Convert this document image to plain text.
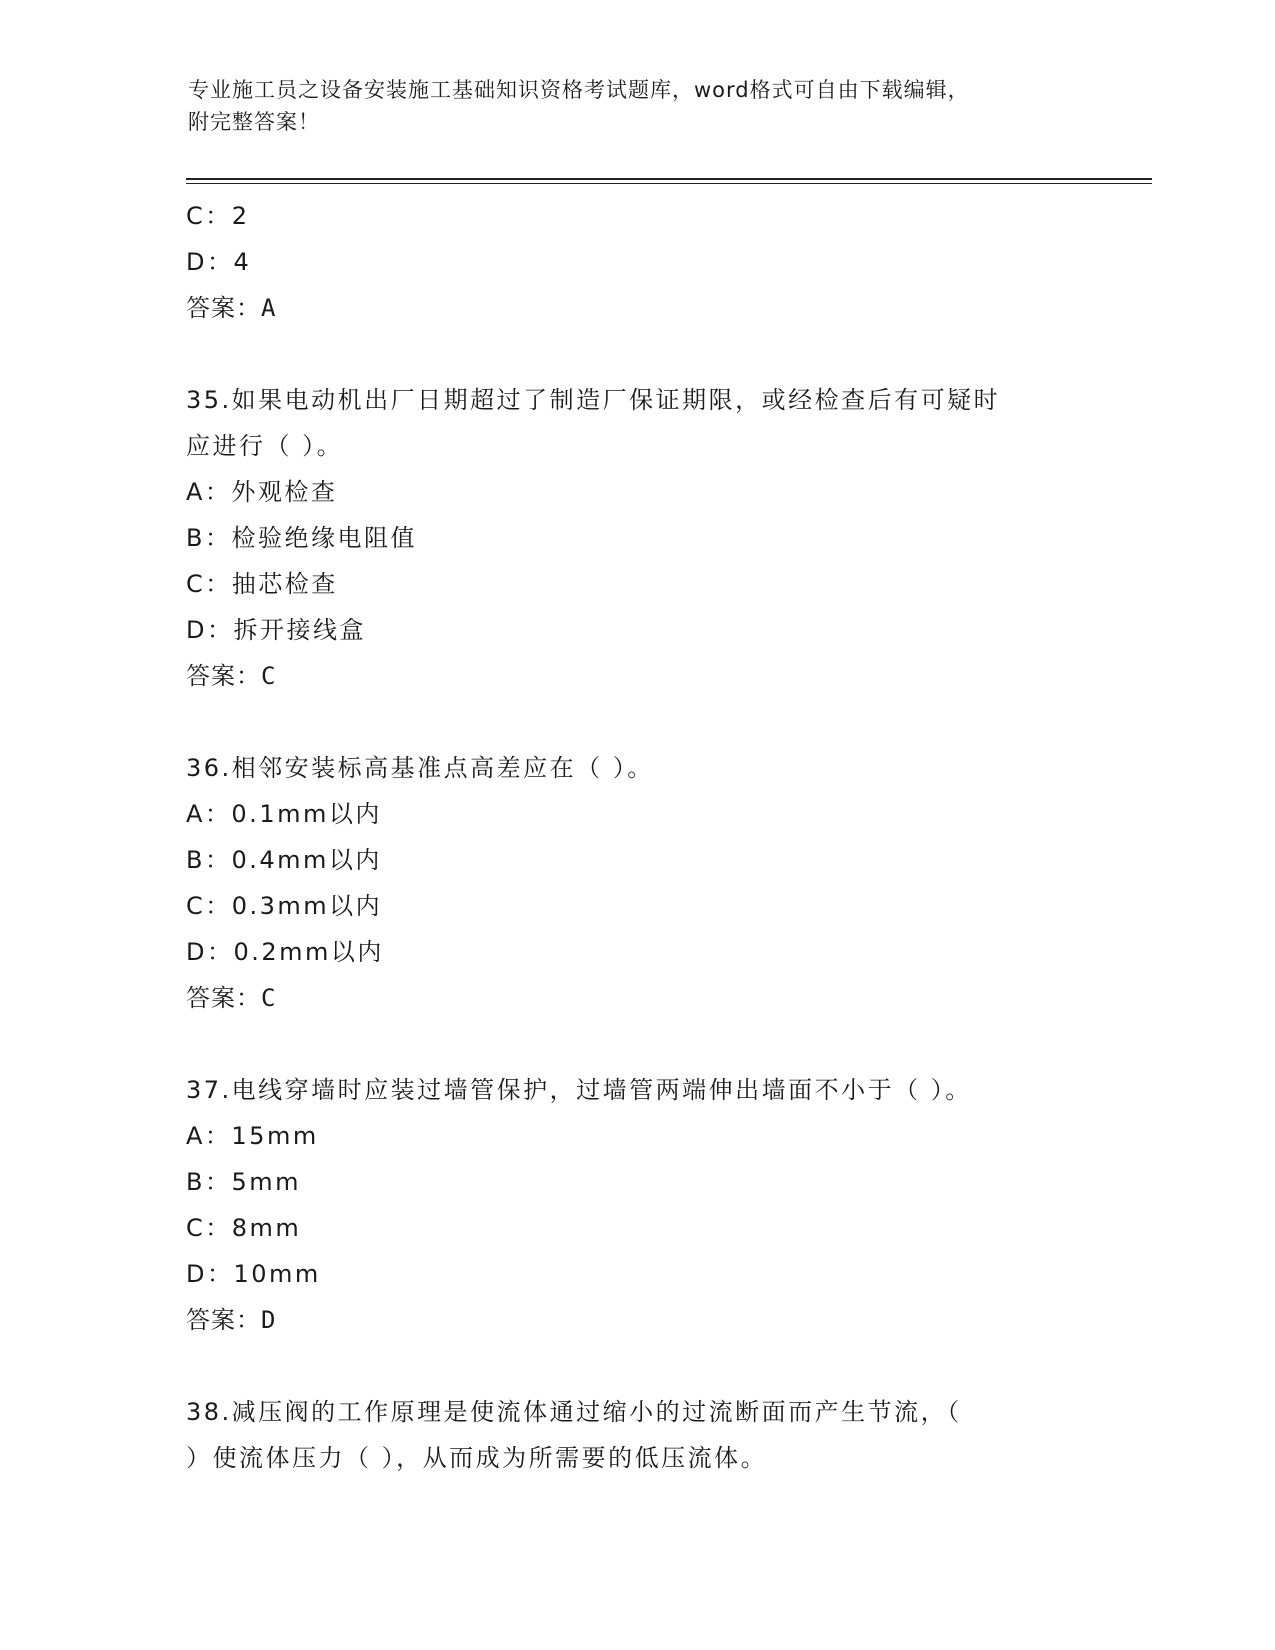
专业施工员之设备安装施工基础知识资格考试题库，word格式可自由下载编辑，
附完整答案！
C：2
D：4
答案：A
35.如果电动机出厂日期超过了制造厂保证期限，或经检查后有可疑时
应进行（ ）。
A：外观检查
B：检验绝缘电阻值
C：抽芯检查
D：拆开接线盒
答案：C
36.相邻安装标高基准点高差应在（ ）。
A：0.1mm以内
B：0.4mm以内
C：0.3mm以内
D：0.2mm以内
答案：C
37.电线穿墙时应装过墙管保护，过墙管两端伸出墙面不小于（ ）。
A：15mm
B：5mm
C：8mm
D：10mm
答案：D
38.减压阀的工作原理是使流体通过缩小的过流断面而产生节流，（
）使流体压力（ ），从而成为所需要的低压流体。
